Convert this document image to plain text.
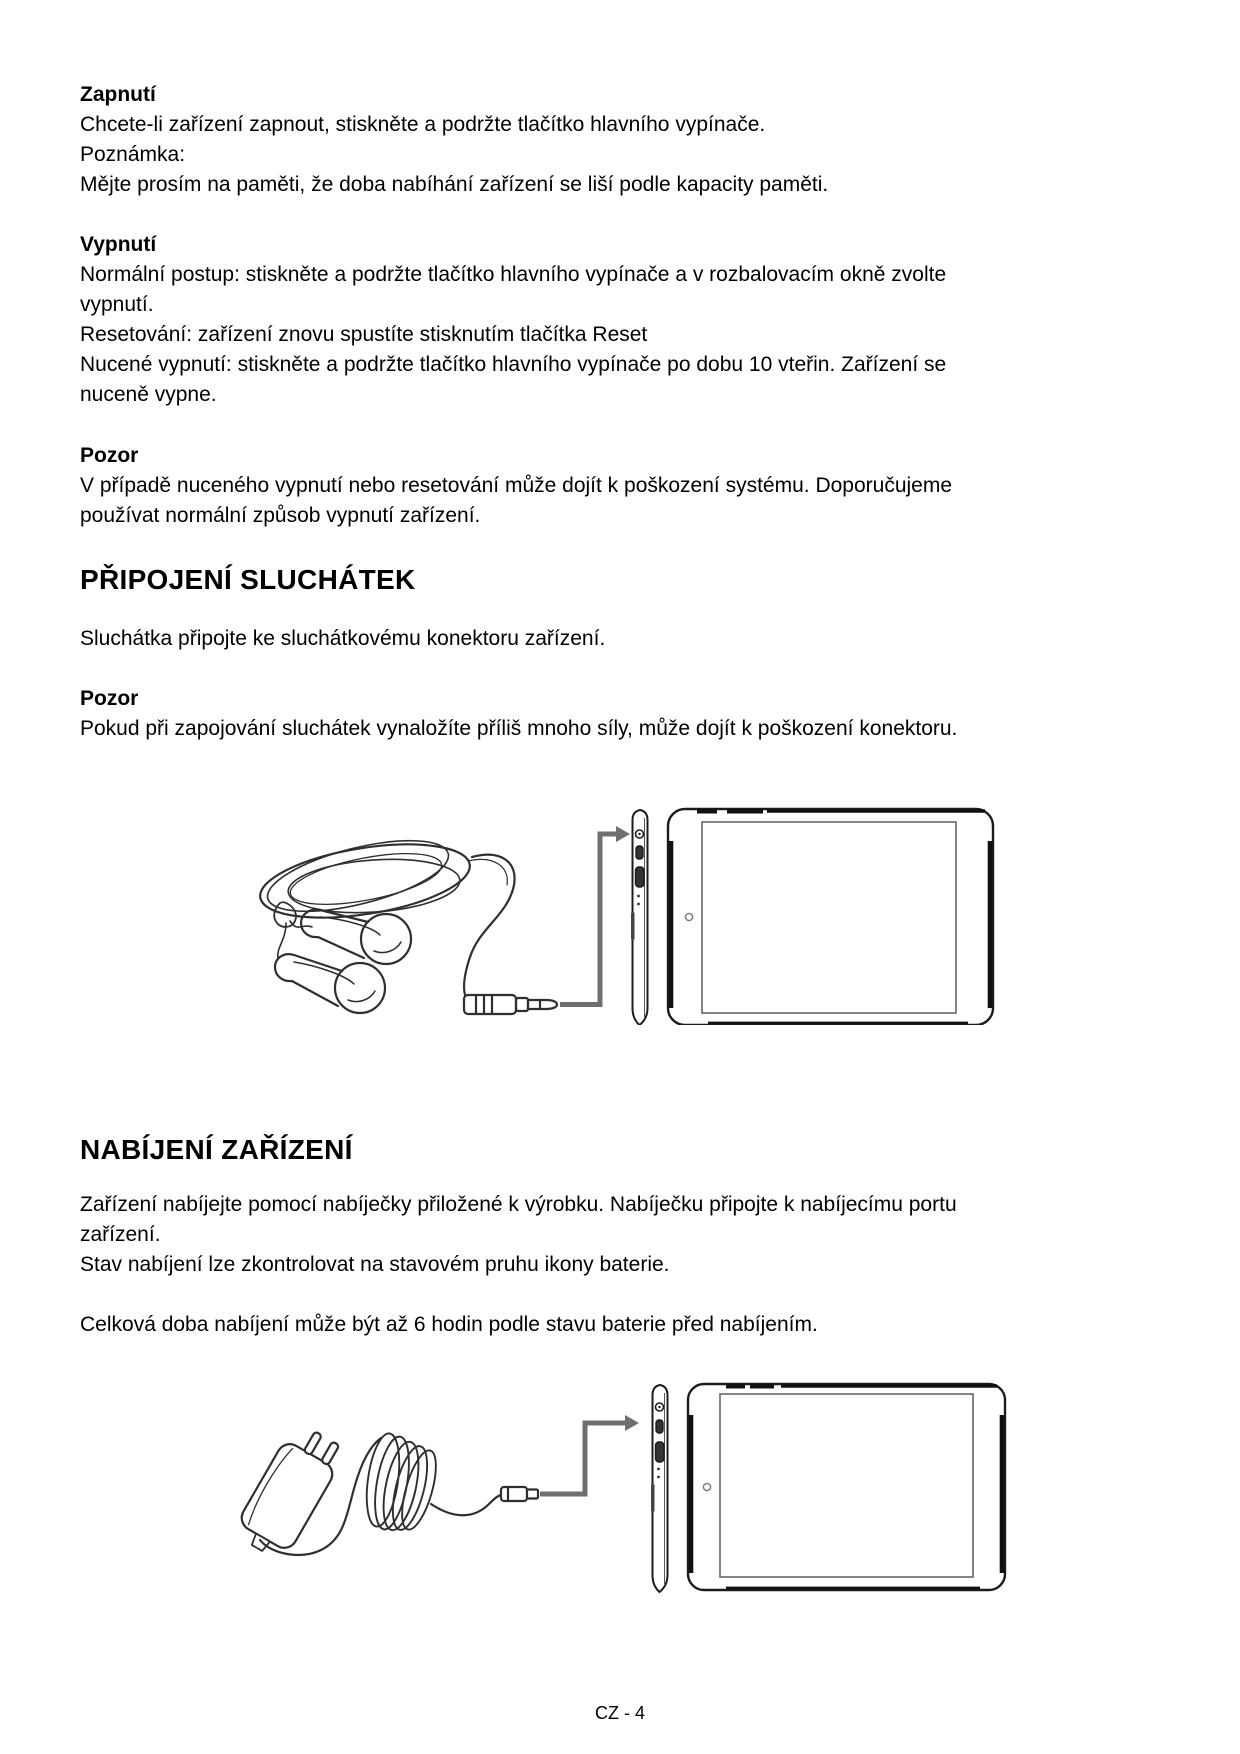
Zapnutí
Chcete-li zařízení zapnout, stiskněte a podržte tlačítko hlavního vypínače.
Poznámka:
Mějte prosím na paměti, že doba nabíhání zařízení se liší podle kapacity paměti.
Vypnutí
Normální postup: stiskněte a podržte tlačítko hlavního vypínače a v rozbalovacím okně zvolte
vypnutí.
Resetování: zařízení znovu spustíte stisknutím tlačítka Reset
Nucené vypnutí: stiskněte a podržte tlačítko hlavního vypínače po dobu 10 vteřin. Zařízení se
nuceně vypne.
Pozor
V případě nuceného vypnutí nebo resetování může dojít k poškození systému. Doporučujeme
používat normální způsob vypnutí zařízení.
PŘIPOJENÍ SLUCHÁTEK
Sluchátka připojte ke sluchátkovému konektoru zařízení.
Pozor
Pokud při zapojování sluchátek vynaložíte příliš mnoho síly, může dojít k poškození konektoru.
NABÍJENÍ ZAŘÍZENÍ
Zařízení nabíjejte pomocí nabíječky přiložené k výrobku. Nabíječku připojte k nabíjecímu portu
zařízení.
Stav nabíjení lze zkontrolovat na stavovém pruhu ikony baterie.
Celková doba nabíjení může být až 6 hodin podle stavu baterie před nabíjením.
CZ - 4
